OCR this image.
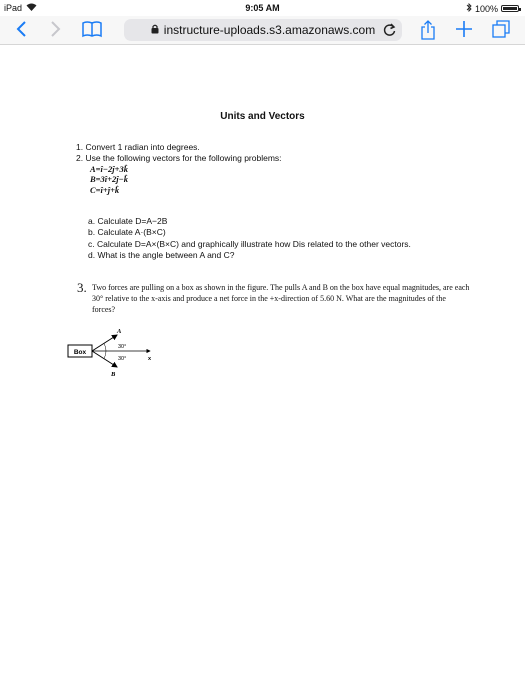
iPad	9:05 AM	100%
instructure-uploads.s3.amazonaws.com
Units and Vectors
1. Convert 1 radian into degrees.
2. Use the following vectors for the following problems:
A=î−2ĵ+3k̂
B=3î+2ĵ−k̂
C=î+ĵ+k̂
a. Calculate D=A−2B
b. Calculate A·(B×C)
c. Calculate D=A×(B×C) and graphically illustrate how Dis related to the other vectors.
d. What is the angle between A and C?
3. Two forces are pulling on a box as shown in the figure. The pulls A and B on the box have equal magnitudes, are each 30° relative to the x-axis and produce a net force in the +x-direction of 5.60 N. What are the magnitudes of the forces?
Box
A
B
x
30°
30°
